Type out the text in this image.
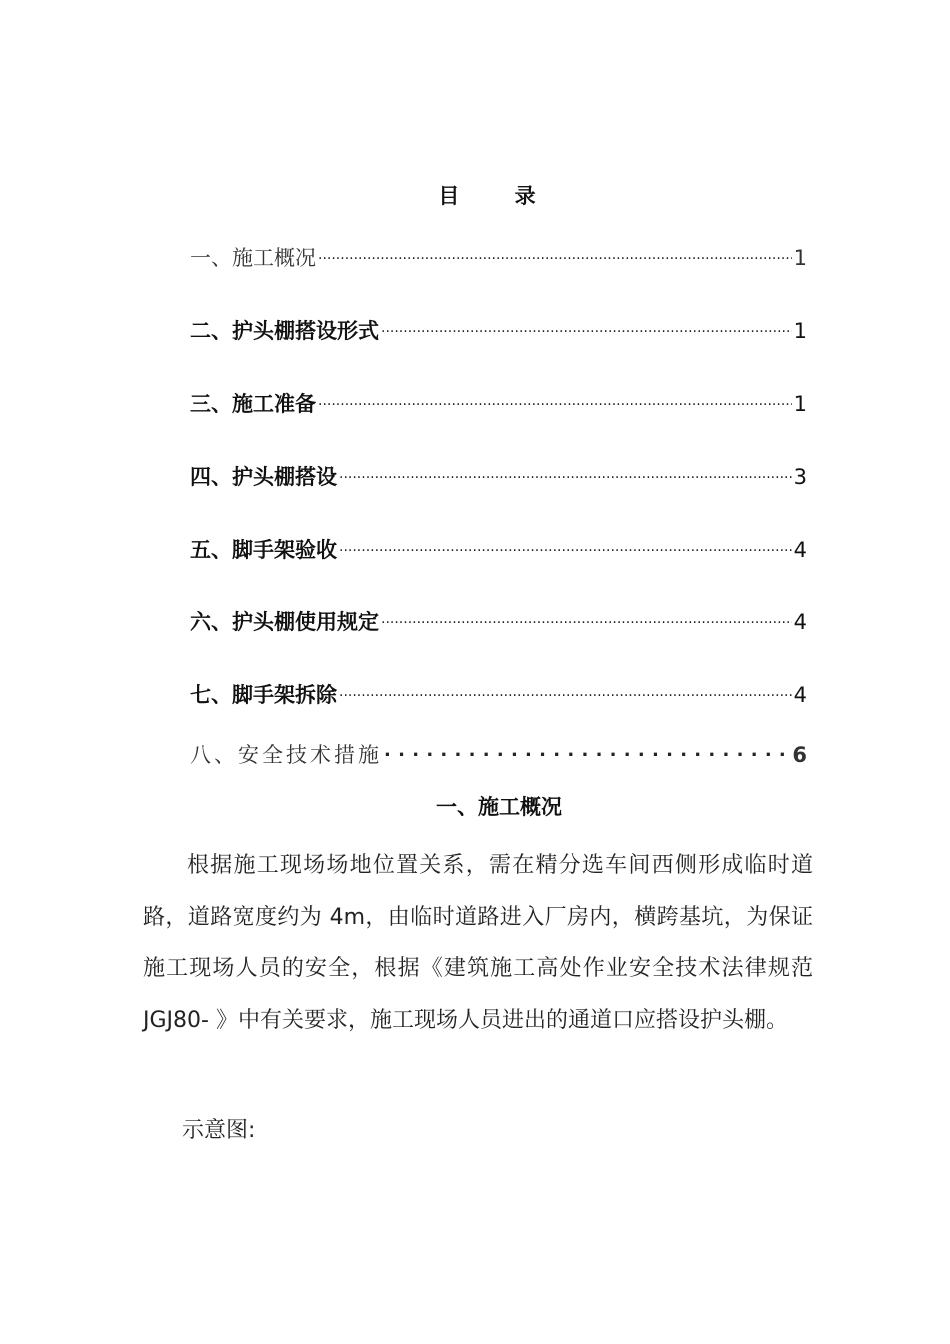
目 录
一、施工概况 .....	1
二、护头棚搭设形式 .....	1
三、施工准备 .....	1
四、护头棚搭设 .....	3
五、脚手架验收 .....	4
六、护头棚使用规定 .....	4
七、脚手架拆除 .....	4
八、安全技术措施 . . .	6
一、施工概况
根据施工现场场地位置关系，需在精分选车间西侧形成临时道路，道路宽度约为 4m，由临时道路进入厂房内，横跨基坑，为保证施工现场人员的安全，根据《建筑施工高处作业安全技术法律规范 JGJ80- 》中有关要求，施工现场人员进出的通道口应搭设护头棚。
示意图:
